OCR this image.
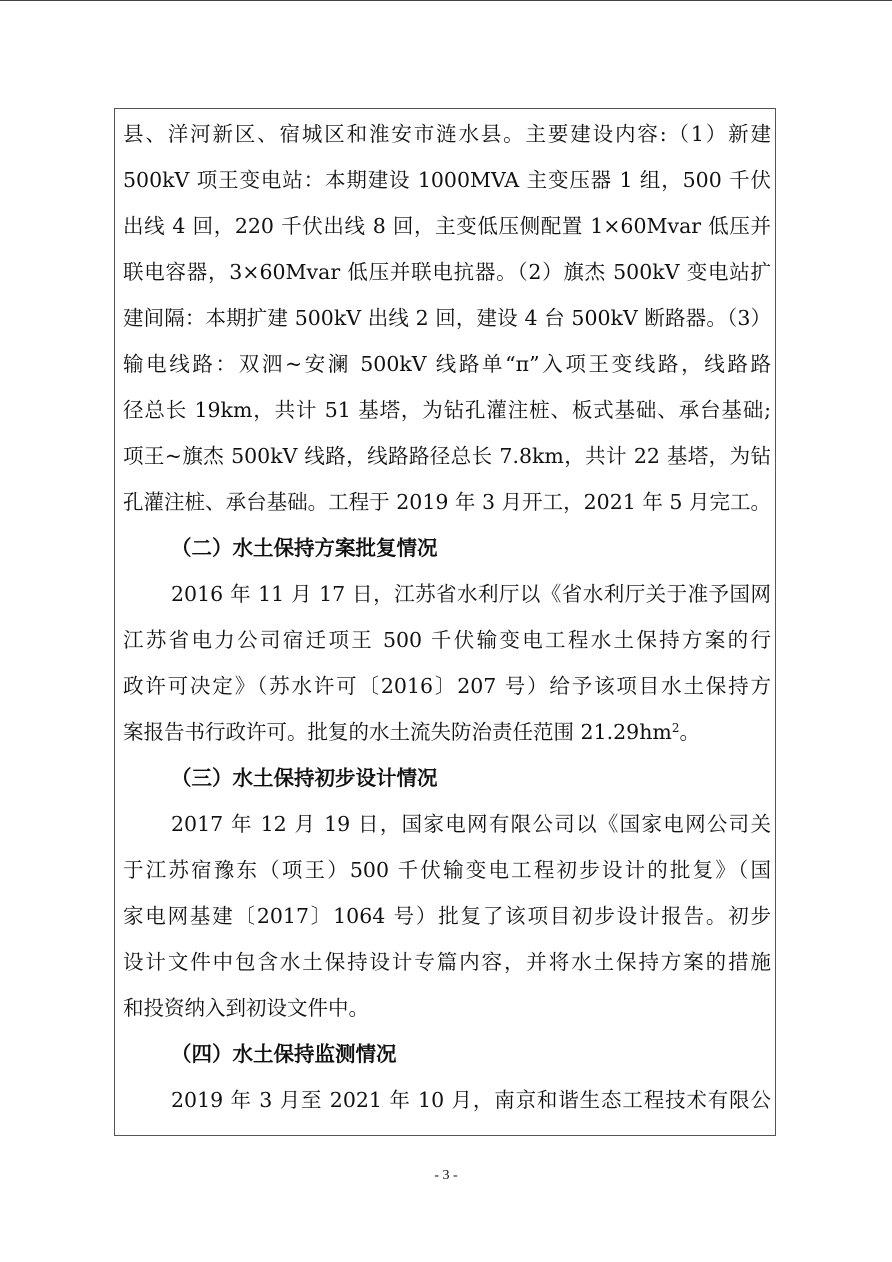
县、洋河新区、宿城区和淮安市涟水县。主要建设内容:（1）新建
500kV 项王变电站：本期建设 1000MVA 主变压器 1 组，500 千伏
出线 4 回，220 千伏出线 8 回，主变低压侧配置 1×60Mvar 低压并
联电容器，3×60Mvar 低压并联电抗器。（2）旗杰 500kV 变电站扩
建间隔：本期扩建 500kV 出线 2 回，建设 4 台 500kV 断路器。（3）
输电线路：双泗~安澜 500kV 线路单“π”入项王变线路，线路路
径总长 19km，共计 51 基塔，为钻孔灌注桩、板式基础、承台基础;
项王~旗杰 500kV 线路，线路路径总长 7.8km，共计 22 基塔，为钻
孔灌注桩、承台基础。工程于 2019 年 3 月开工，2021 年 5 月完工。
（二）水土保持方案批复情况
2016 年 11 月 17 日，江苏省水利厅以《省水利厅关于准予国网
江苏省电力公司宿迁项王 500 千伏输变电工程水土保持方案的行
政许可决定》（苏水许可〔2016〕207 号）给予该项目水土保持方
案报告书行政许可。批复的水土流失防治责任范围 $21.29hm^2$。
（三）水土保持初步设计情况
2017 年 12 月 19 日，国家电网有限公司以《国家电网公司关
于江苏宿豫东（项王）500 千伏输变电工程初步设计的批复》（国
家电网基建〔2017〕1064 号）批复了该项目初步设计报告。初步
设计文件中包含水土保持设计专篇内容，并将水土保持方案的措施
和投资纳入到初设文件中。
（四）水土保持监测情况
2019 年 3 月至 2021 年 10 月，南京和谐生态工程技术有限公
- 3 -
